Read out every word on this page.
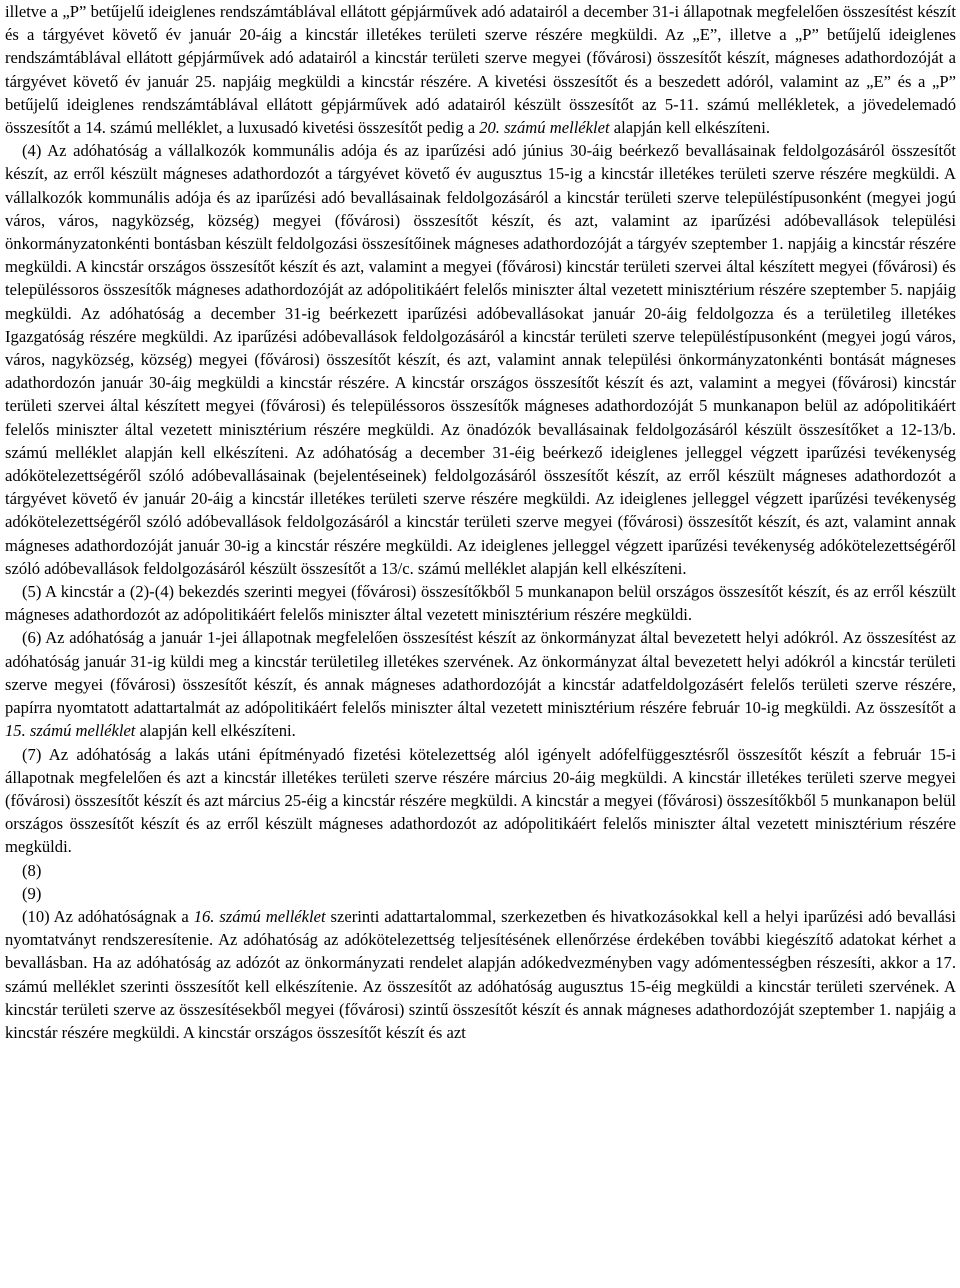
illetve a „P” betűjelű ideiglenes rendszámtáblával ellátott gépjárművek adó adatairól a december 31-i állapotnak megfelelően összesítést készít és a tárgyévet követő év január 20-áig a kincstár illetékes területi szerve részére megküldi. Az „E”, illetve a „P” betűjelű ideiglenes rendszámtáblával ellátott gépjárművek adó adatairól a kincstár területi szerve megyei (fővárosi) összesítőt készít, mágneses adathordozóját a tárgyévet követő év január 25. napjáig megküldi a kincstár részére. A kivetési összesítőt és a beszedett adóról, valamint az „E” és a „P” betűjelű ideiglenes rendszámtáblával ellátott gépjárművek adó adatairól készült összesítőt az 5-11. számú mellékletek, a jövedelemadó összesítőt a 14. számú melléklet, a luxusadó kivetési összesítőt pedig a 20. számú melléklet alapján kell elkészíteni.

(4) Az adóhatóság a vállalkozók kommunális adója és az iparűzési adó június 30-áig beérkező bevallásainak feldolgozásáról összesítőt készít, az erről készült mágneses adathordozót a tárgyévet követő év augusztus 15-ig a kincstár illetékes területi szerve részére megküldi. A vállalkozók kommunális adója és az iparűzési adó bevallásainak feldolgozásáról a kincstár területi szerve településtípusonként (megyei jogú város, város, nagyközség, község) megyei (fővárosi) összesítőt készít, és azt, valamint az iparűzési adóbevallások települési önkormányzatonkénti bontásban készült feldolgozási összesítőinek mágneses adathordozóját a tárgyév szeptember 1. napjáig a kincstár részére megküldi. A kincstár országos összesítőt készít és azt, valamint a megyei (fővárosi) kincstár területi szervei által készített megyei (fővárosi) és településsoros összesítők mágneses adathordozóját az adópolitikáért felelős miniszter által vezetett minisztérium részére szeptember 5. napjáig megküldi. Az adóhatóság a december 31-ig beérkezett iparűzési adóbevallásokat január 20-áig feldolgozza és a területileg illetékes Igazgatóság részére megküldi. Az iparűzési adóbevallások feldolgozásáról a kincstár területi szerve településtípusonként (megyei jogú város, város, nagyközség, község) megyei (fővárosi) összesítőt készít, és azt, valamint annak települési önkormányzatonkénti bontását mágneses adathordozón január 30-áig megküldi a kincstár részére. A kincstár országos összesítőt készít és azt, valamint a megyei (fővárosi) kincstár területi szervei által készített megyei (fővárosi) és településsoros összesítők mágneses adathordozóját 5 munkanapon belül az adópolitikáért felelős miniszter által vezetett minisztérium részére megküldi. Az önadózók bevallásainak feldolgozásáról készült összesítőket a 12-13/b. számú melléklet alapján kell elkészíteni. Az adóhatóság a december 31-éig beérkező ideiglenes jelleggel végzett iparűzési tevékenység adókötelezettségéről szóló adóbevallásainak (bejelentéseinek) feldolgozásáról összesítőt készít, az erről készült mágneses adathordozót a tárgyévet követő év január 20-áig a kincstár illetékes területi szerve részére megküldi. Az ideiglenes jelleggel végzett iparűzési tevékenység adókötelezettségéről szóló adóbevallások feldolgozásáról a kincstár területi szerve megyei (fővárosi) összesítőt készít, és azt, valamint annak mágneses adathordozóját január 30-ig a kincstár részére megküldi. Az ideiglenes jelleggel végzett iparűzési tevékenység adókötelezettségéről szóló adóbevallások feldolgozásáról készült összesítőt a 13/c. számú melléklet alapján kell elkészíteni.

(5) A kincstár a (2)-(4) bekezdés szerinti megyei (fővárosi) összesítőkből 5 munkanapon belül országos összesítőt készít, és az erről készült mágneses adathordozót az adópolitikáért felelős miniszter által vezetett minisztérium részére megküldi.

(6) Az adóhatóság a január 1-jei állapotnak megfelelően összesítést készít az önkormányzat által bevezetett helyi adókról. Az összesítést az adóhatóság január 31-ig küldi meg a kincstár területileg illetékes szervének. Az önkormányzat által bevezetett helyi adókról a kincstár területi szerve megyei (fővárosi) összesítőt készít, és annak mágneses adathordozóját a kincstár adatfeldolgozásért felelős területi szerve részére, papírra nyomtatott adattartalmát az adópolitikáért felelős miniszter által vezetett minisztérium részére február 10-ig megküldi. Az összesítőt a 15. számú melléklet alapján kell elkészíteni.

(7) Az adóhatóság a lakás utáni építményadó fizetési kötelezettség alól igényelt adófelfüggesztésről összesítőt készít a február 15-i állapotnak megfelelően és azt a kincstár illetékes területi szerve részére március 20-áig megküldi. A kincstár illetékes területi szerve megyei (fővárosi) összesítőt készít és azt március 25-éig a kincstár részére megküldi. A kincstár a megyei (fővárosi) összesítőkből 5 munkanapon belül országos összesítőt készít és az erről készült mágneses adathordozót az adópolitikáért felelős miniszter által vezetett minisztérium részére megküldi.

(8)

(9)

(10) Az adóhatóságnak a 16. számú melléklet szerinti adattartalommal, szerkezetben és hivatkozásokkal kell a helyi iparűzési adó bevallási nyomtatványt rendszeresítenie. Az adóhatóság az adókötelezettség teljesítésének ellenőrzése érdekében további kiegészítő adatokat kérhet a bevallásban. Ha az adóhatóság az adózót az önkormányzati rendelet alapján adókedvezményben vagy adómentességben részesíti, akkor a 17. számú melléklet szerinti összesítőt kell elkészítenie. Az összesítőt az adóhatóság augusztus 15-éig megküldi a kincstár területi szervének. A kincstár területi szerve az összesítésekből megyei (fővárosi) szintű összesítőt készít és annak mágneses adathordozóját szeptember 1. napjáig a kincstár részére megküldi. A kincstár országos összesítőt készít és azt
